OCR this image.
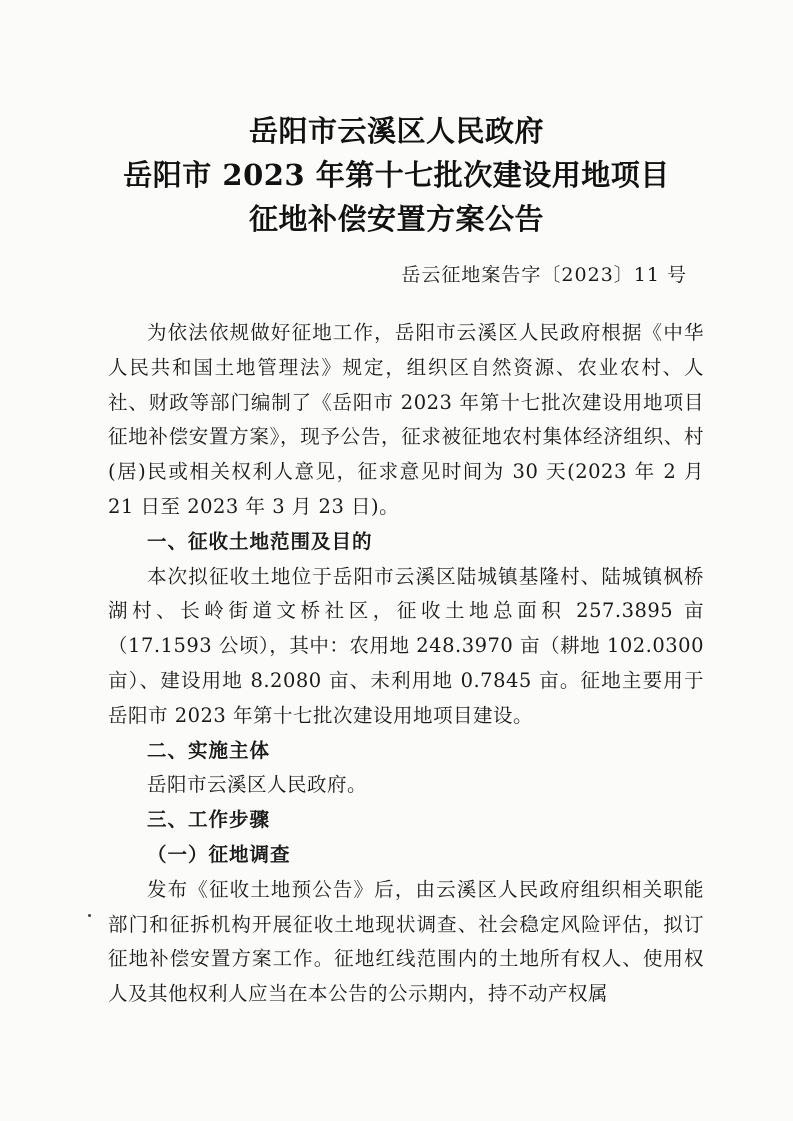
岳阳市云溪区人民政府
岳阳市 2023 年第十七批次建设用地项目
征地补偿安置方案公告
岳云征地案告字〔2023〕11 号

为依法依规做好征地工作，岳阳市云溪区人民政府根据《中华人民共和国土地管理法》规定，组织区自然资源、农业农村、人社、财政等部门编制了《岳阳市 2023 年第十七批次建设用地项目征地补偿安置方案》，现予公告，征求被征地农村集体经济组织、村(居)民或相关权利人意见，征求意见时间为 30 天(2023 年 2 月 21 日至 2023 年 3 月 23 日)。

一、征收土地范围及目的

本次拟征收土地位于岳阳市云溪区陆城镇基隆村、陆城镇枫桥湖村、长岭街道文桥社区，征收土地总面积 257.3895 亩（17.1593 公顷），其中：农用地 248.3970 亩（耕地 102.0300 亩）、建设用地 8.2080 亩、未利用地 0.7845 亩。征地主要用于岳阳市 2023 年第十七批次建设用地项目建设。

二、实施主体

岳阳市云溪区人民政府。

三、工作步骤

（一）征地调查

发布《征收土地预公告》后，由云溪区人民政府组织相关职能部门和征拆机构开展征收土地现状调查、社会稳定风险评估，拟订征地补偿安置方案工作。征地红线范围内的土地所有权人、使用权人及其他权利人应当在本公告的公示期内，持不动产权属
